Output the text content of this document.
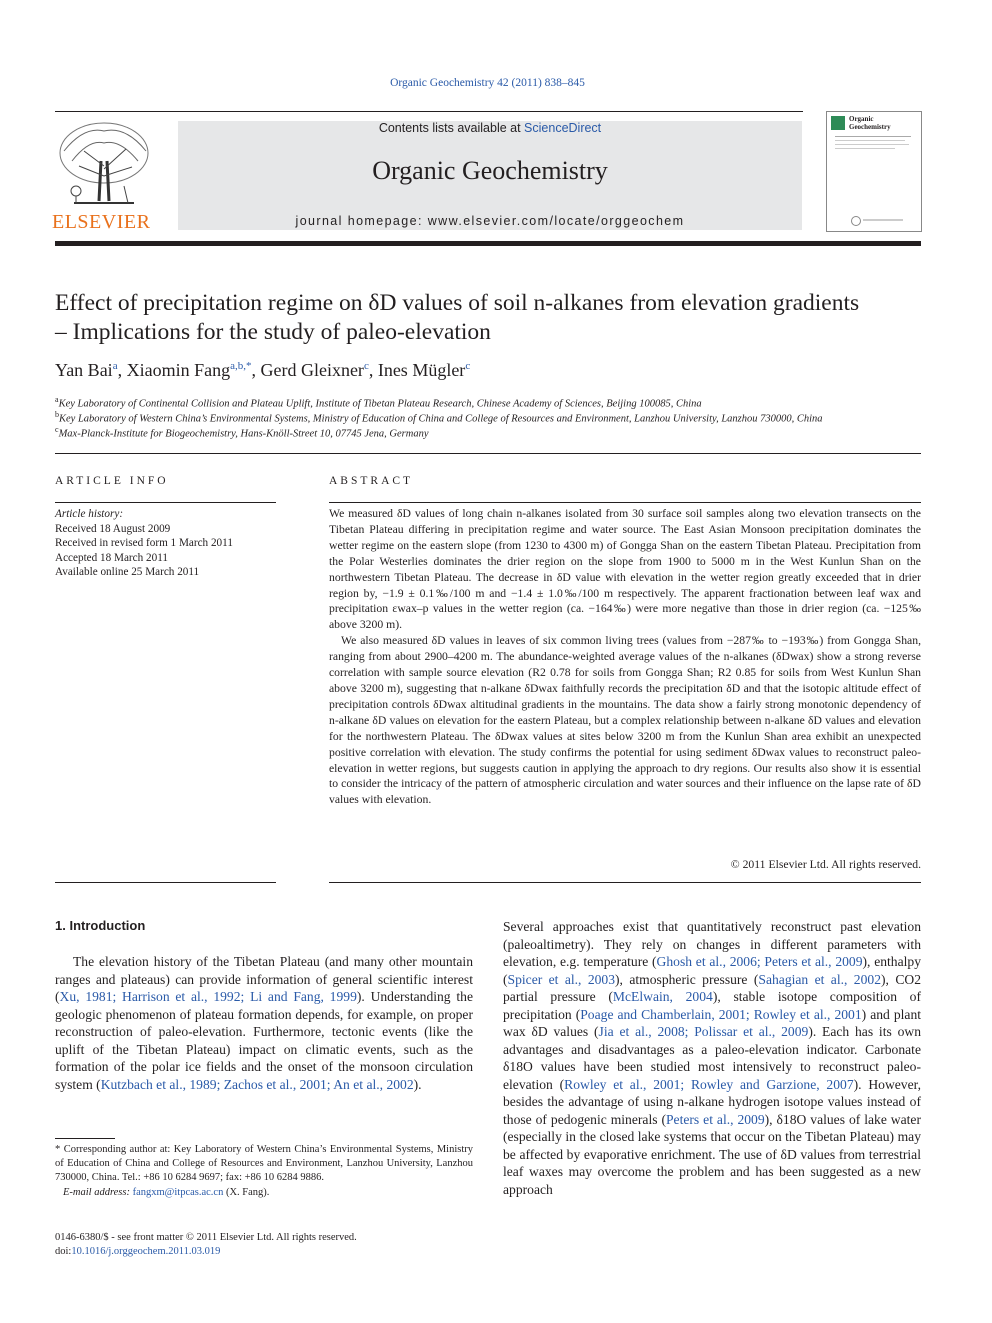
Organic Geochemistry 42 (2011) 838–845
ELSEVIER
Contents lists available at ScienceDirect
Organic Geochemistry
journal homepage: www.elsevier.com/locate/orggeochem
Organic
Geochemistry
Effect of precipitation regime on δD values of soil n-alkanes from elevation gradients
– Implications for the study of paleo-elevation
Yan Bai$^a$, Xiaomin Fang$^{a,b,*}$, Gerd Gleixner$^c$, Ines Mügler$^c$
$^a$Key Laboratory of Continental Collision and Plateau Uplift, Institute of Tibetan Plateau Research, Chinese Academy of Sciences, Beijing 100085, China
$^b$Key Laboratory of Western China’s Environmental Systems, Ministry of Education of China and College of Resources and Environment, Lanzhou University, Lanzhou 730000, China
$^c$Max-Planck-Institute for Biogeochemistry, Hans-Knöll-Street 10, 07745 Jena, Germany
ARTICLE INFO
Article history:
Received 18 August 2009
Received in revised form 1 March 2011
Accepted 18 March 2011
Available online 25 March 2011
ABSTRACT

We measured δD values of long chain n-alkanes isolated from 30 surface soil samples along two elevation transects on the Tibetan Plateau differing in precipitation regime and water source. The East Asian Monsoon precipitation dominates the wetter regime on the eastern slope (from 1230 to 4300 m) of Gongga Shan on the eastern Tibetan Plateau. Precipitation from the Polar Westerlies dominates the drier region on the slope from 1900 to 5000 m in the West Kunlun Shan on the northwestern Tibetan Plateau. The decrease in δD value with elevation in the wetter region greatly exceeded that in drier region by, −1.9 ± 0.1‰/100 m and −1.4 ± 1.0‰/100 m respectively. The apparent fractionation between leaf wax and precipitation εwax–p values in the wetter region (ca. −164‰) were more negative than those in drier region (ca. −125‰ above 3200 m).

We also measured δD values in leaves of six common living trees (values from −287‰ to −193‰) from Gongga Shan, ranging from about 2900–4200 m. The abundance-weighted average values of the n-alkanes (δDwax) show a strong reverse correlation with sample source elevation (R2 0.78 for soils from Gongga Shan; R2 0.85 for soils from West Kunlun Shan above 3200 m), suggesting that n-alkane δDwax faithfully records the precipitation δD and that the isotopic altitude effect of precipitation controls δDwax altitudinal gradients in the mountains. The data show a fairly strong monotonic dependency of n-alkane δD values on elevation for the eastern Plateau, but a complex relationship between n-alkane δD values and elevation for the northwestern Plateau. The δDwax values at sites below 3200 m from the Kunlun Shan area exhibit an unexpected positive correlation with elevation. The study confirms the potential for using sediment δDwax values to reconstruct paleo-elevation in wetter regions, but suggests caution in applying the approach to dry regions. Our results also show it is essential to consider the intricacy of the pattern of atmospheric circulation and water sources and their influence on the lapse rate of δD values with elevation.

© 2011 Elsevier Ltd. All rights reserved.
1. Introduction

The elevation history of the Tibetan Plateau (and many other mountain ranges and plateaus) can provide information of general scientific interest (Xu, 1981; Harrison et al., 1992; Li and Fang, 1999). Understanding the geologic phenomenon of plateau formation depends, for example, on proper reconstruction of paleo-elevation. Furthermore, tectonic events (like the uplift of the Tibetan Plateau) impact on climatic events, such as the formation of the polar ice fields and the onset of the monsoon circulation system (Kutzbach et al., 1989; Zachos et al., 2001; An et al., 2002).

Several approaches exist that quantitatively reconstruct past elevation (paleoaltimetry). They rely on changes in different parameters with elevation, e.g. temperature (Ghosh et al., 2006; Peters et al., 2009), enthalpy (Spicer et al., 2003), atmospheric pressure (Sahagian et al., 2002), CO2 partial pressure (McElwain, 2004), stable isotope composition of precipitation (Poage and Chamberlain, 2001; Rowley et al., 2001) and plant wax δD values (Jia et al., 2008; Polissar et al., 2009). Each has its own advantages and disadvantages as a paleo-elevation indicator. Carbonate δ18O values have been studied most intensively to reconstruct paleo-elevation (Rowley et al., 2001; Rowley and Garzione, 2007). However, besides the advantage of using n-alkane hydrogen isotope values instead of those of pedogenic minerals (Peters et al., 2009), δ18O values of lake water (especially in the closed lake systems that occur on the Tibetan Plateau) may be affected by evaporative enrichment. The use of δD values from terrestrial leaf waxes may overcome the problem and has been suggested as a new approach

* Corresponding author at: Key Laboratory of Western China’s Environmental Systems, Ministry of Education of China and College of Resources and Environment, Lanzhou University, Lanzhou 730000, China. Tel.: +86 10 6284 9697; fax: +86 10 6284 9886.
E-mail address: fangxm@itpcas.ac.cn (X. Fang).
0146-6380/$ - see front matter © 2011 Elsevier Ltd. All rights reserved.
doi:10.1016/j.orggeochem.2011.03.019
